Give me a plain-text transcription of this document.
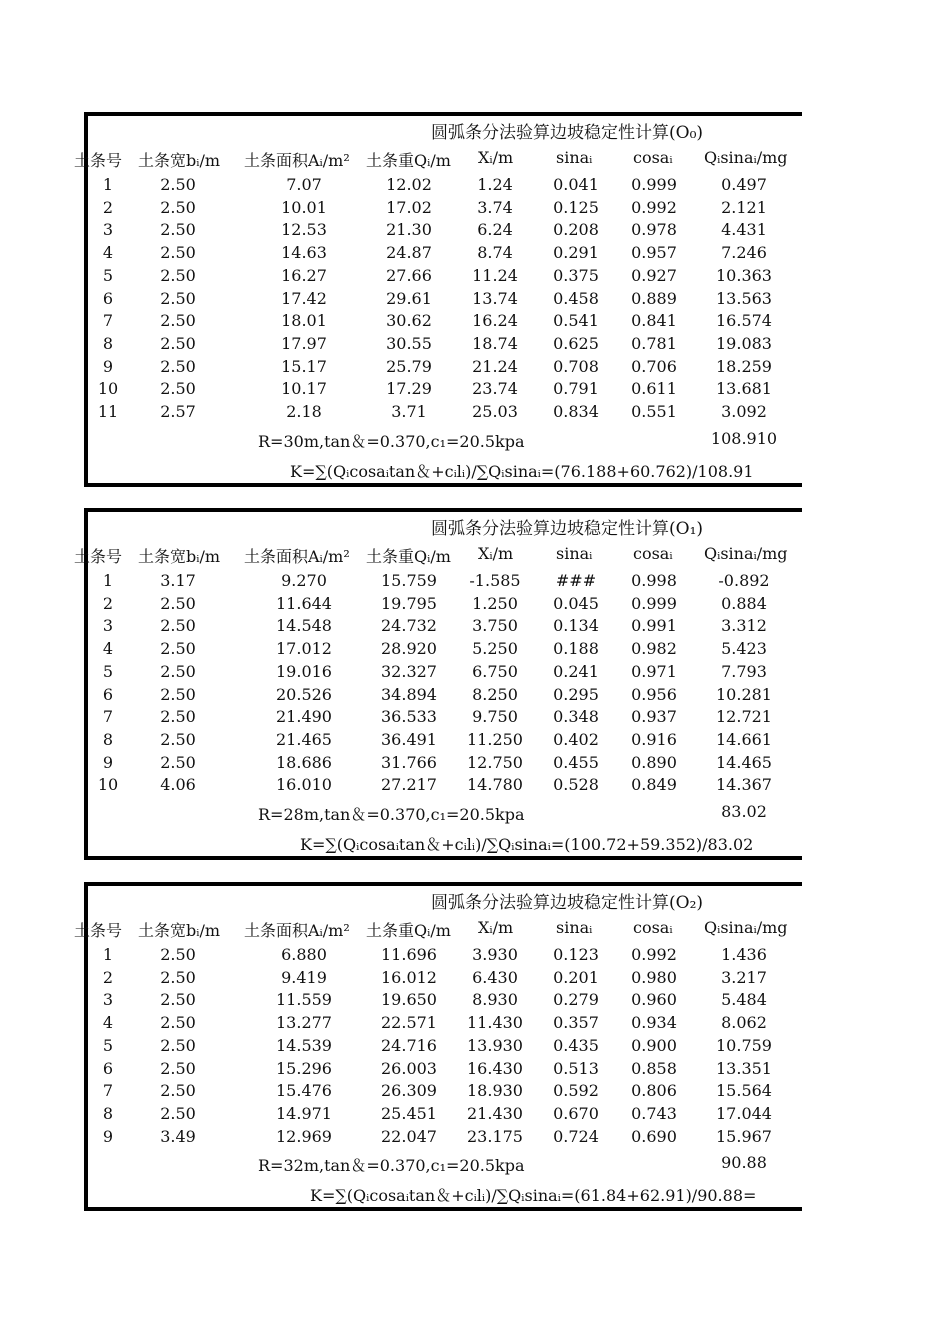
圆弧条分法验算边坡稳定性计算(O₀)
土条号 土条宽bᵢ/m 土条面积Aᵢ/m² 土条重Qᵢ/m Xᵢ/m	sinaᵢ	cosaᵢ Qᵢsinaᵢ/mg
1	2.50	7.07	12.02	1.24	0.041	0.999	0.497
2	2.50	10.01	17.02	3.74	0.125	0.992	2.121
3	2.50	12.53	21.30	6.24	0.208	0.978	4.431
4	2.50	14.63	24.87	8.74	0.291	0.957	7.246
5	2.50	16.27	27.66	11.24	0.375	0.927	10.363
6	2.50	17.42	29.61	13.74	0.458	0.889	13.563
7	2.50	18.01	30.62	16.24	0.541	0.841	16.574
8	2.50	17.97	30.55	18.74	0.625	0.781	19.083
9	2.50	15.17	25.79	21.24	0.708	0.706	18.259
10	2.50	10.17	17.29	23.74	0.791	0.611	13.681
11	2.57	2.18	3.71	25.03	0.834	0.551	3.092
R=30m,tan＆=0.370,c₁=20.5kpa	108.910
K=∑(Qᵢcosaᵢtan＆+cᵢlᵢ)/∑Qᵢsinaᵢ=(76.188+60.762)/108.91
圆弧条分法验算边坡稳定性计算(O₁)
土条号 土条宽bᵢ/m 土条面积Aᵢ/m² 土条重Qᵢ/m Xᵢ/m	sinaᵢ	cosaᵢ Qᵢsinaᵢ/mg
1	3.17	9.270	15.759	-1.585	###	0.998	-0.892
2	2.50	11.644	19.795	1.250	0.045	0.999	0.884
3	2.50	14.548	24.732	3.750	0.134	0.991	3.312
4	2.50	17.012	28.920	5.250	0.188	0.982	5.423
5	2.50	19.016	32.327	6.750	0.241	0.971	7.793
6	2.50	20.526	34.894	8.250	0.295	0.956	10.281
7	2.50	21.490	36.533	9.750	0.348	0.937	12.721
8	2.50	21.465	36.491	11.250	0.402	0.916	14.661
9	2.50	18.686	31.766	12.750	0.455	0.890	14.465
10	4.06	16.010	27.217	14.780	0.528	0.849	14.367
R=28m,tan＆=0.370,c₁=20.5kpa	83.02
K=∑(Qᵢcosaᵢtan＆+cᵢlᵢ)/∑Qᵢsinaᵢ=(100.72+59.352)/83.02
圆弧条分法验算边坡稳定性计算(O₂)
土条号 土条宽bᵢ/m 土条面积Aᵢ/m² 土条重Qᵢ/m Xᵢ/m	sinaᵢ	cosaᵢ Qᵢsinaᵢ/mg
1	2.50	6.880	11.696	3.930	0.123	0.992	1.436
2	2.50	9.419	16.012	6.430	0.201	0.980	3.217
3	2.50	11.559	19.650	8.930	0.279	0.960	5.484
4	2.50	13.277	22.571	11.430	0.357	0.934	8.062
5	2.50	14.539	24.716	13.930	0.435	0.900	10.759
6	2.50	15.296	26.003	16.430	0.513	0.858	13.351
7	2.50	15.476	26.309	18.930	0.592	0.806	15.564
8	2.50	14.971	25.451	21.430	0.670	0.743	17.044
9	3.49	12.969	22.047	23.175	0.724	0.690	15.967
R=32m,tan＆=0.370,c₁=20.5kpa	90.88
K=∑(Qᵢcosaᵢtan＆+cᵢlᵢ)/∑Qᵢsinaᵢ=(61.84+62.91)/90.88=
